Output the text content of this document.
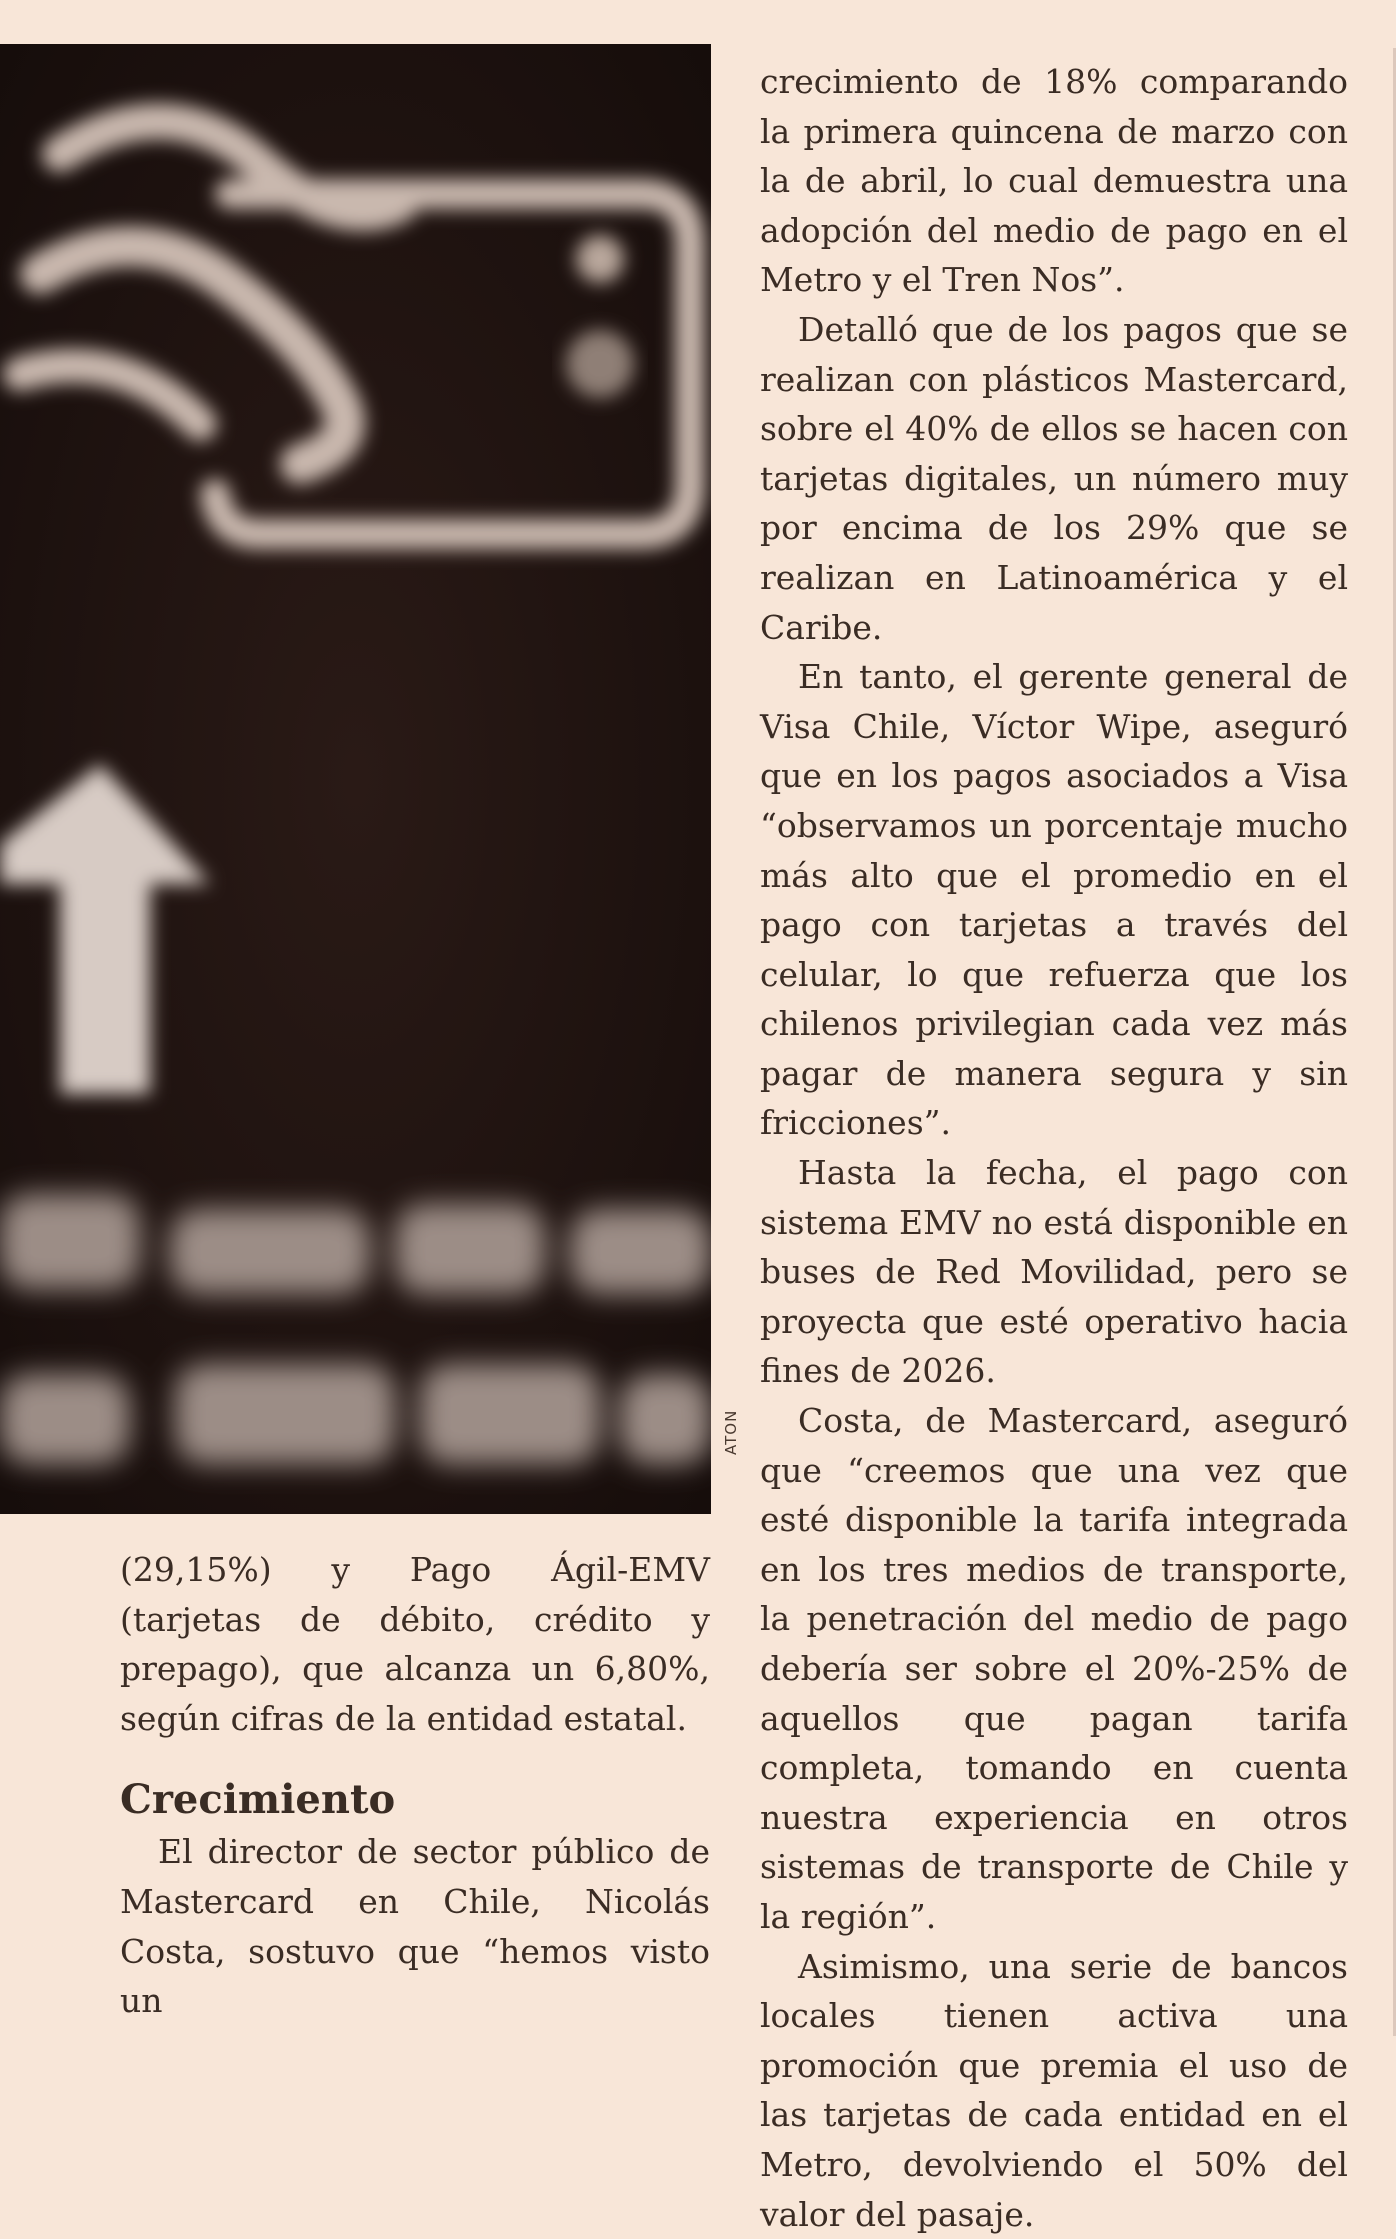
ATON

(29,15%) y Pago Ágil-EMV (tarjetas de débito, crédito y prepago), que alcanza un 6,80%, según cifras de la entidad estatal.

Crecimiento

El director de sector público de Mastercard en Chile, Nicolás Costa, sostuvo que “hemos visto un

crecimiento de 18% comparando la primera quincena de marzo con la de abril, lo cual demuestra una adopción del medio de pago en el Metro y el Tren Nos”.

Detalló que de los pagos que se realizan con plásticos Mastercard, sobre el 40% de ellos se hacen con tarjetas digitales, un número muy por encima de los 29% que se realizan en Latinoamérica y el Caribe.

En tanto, el gerente general de Visa Chile, Víctor Wipe, aseguró que en los pagos asociados a Visa “observamos un porcentaje mucho más alto que el promedio en el pago con tarjetas a través del celular, lo que refuerza que los chilenos privilegian cada vez más pagar de manera segura y sin fricciones”.

Hasta la fecha, el pago con sistema EMV no está disponible en buses de Red Movilidad, pero se proyecta que esté operativo hacia fines de 2026.

Costa, de Mastercard, aseguró que “creemos que una vez que esté disponible la tarifa integrada en los tres medios de transporte, la penetración del medio de pago debería ser sobre el 20%-25% de aquellos que pagan tarifa completa, tomando en cuenta nuestra experiencia en otros sistemas de transporte de Chile y la región”.

Asimismo, una serie de bancos locales tienen activa una promoción que premia el uso de las tarjetas de cada entidad en el Metro, devolviendo el 50% del valor del pasaje.
